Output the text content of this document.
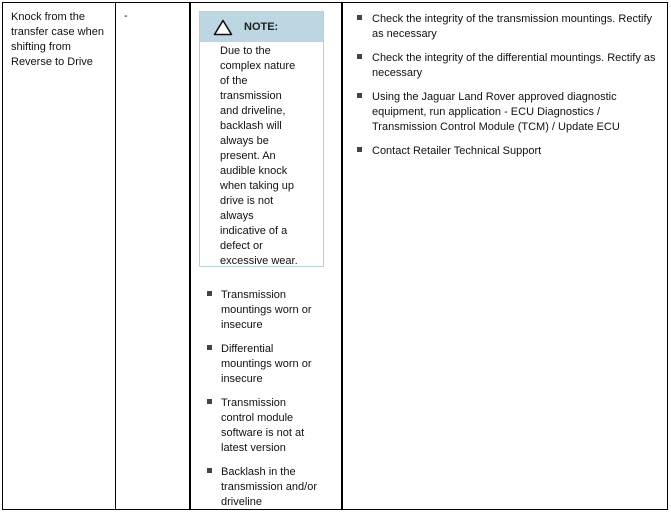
Knock from the transfer case when shifting from Reverse to Drive
-
NOTE:
Due to the complex nature of the transmission and driveline, backlash will always be present. An audible knock when taking up drive is not always indicative of a defect or excessive wear.
Transmission mountings worn or insecure
Differential mountings worn or insecure
Transmission control module software is not at latest version
Backlash in the transmission and/or driveline
Check the integrity of the transmission mountings. Rectify as necessary
Check the integrity of the differential mountings. Rectify as necessary
Using the Jaguar Land Rover approved diagnostic equipment, run application - ECU Diagnostics / Transmission Control Module (TCM) / Update ECU
Contact Retailer Technical Support
